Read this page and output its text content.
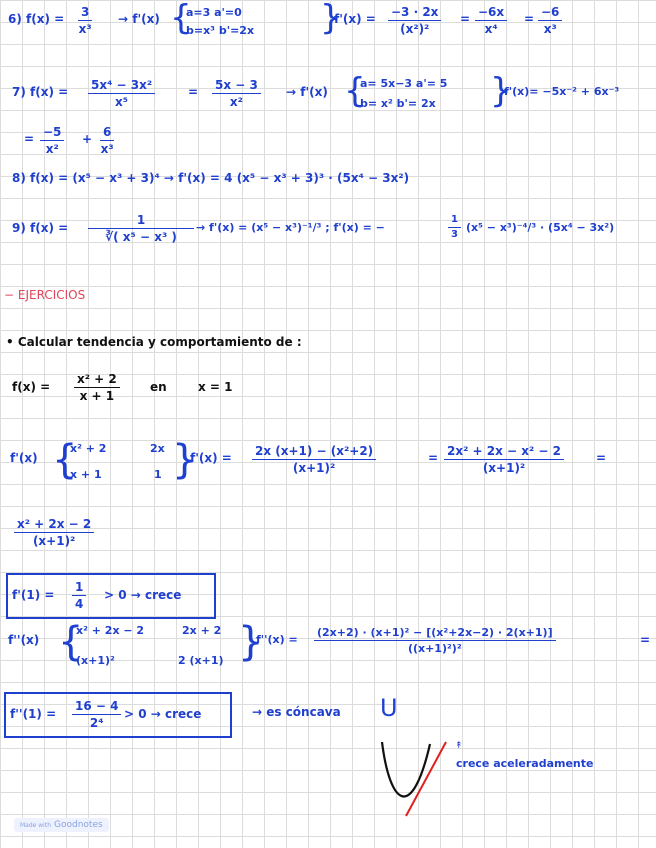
6) $f(x) = \frac{3}{\text{x³}} \to f'(x)$ {
a=3 a'=0
b=x³ b'=2x }
$f'(x) = \frac{-3 \cdot 2x}{\text{(x²)²}} = \frac{-6x}{\text{x⁴}} = \frac{-6}{\text{x³}}$
7) $f(x) = \frac{\text{5x⁴ − 3x²}}{\text{x⁵}}$	= $\frac{5x - 3}{\text{x²}} \to f'(x)$ {
a= 5x−3 a'= 5
b= x² b'= 2x }
f'(x)= −5x⁻² + 6x⁻³
= $\frac{-5}{\text{x²}} + \frac{6}{\text{x³}}$
8) f(x) = (x⁵ − x³ + 3)⁴ → f'(x) = 4 (x⁵ − x³ + 3)³ · (5x⁴ − 3x²)
9) $f(x) = \frac{1}{\text{∛( x⁵ − x³ )}} \to f'(x) = (x^5 - x^3)^{-1}/^3$ ; f'(x) = −	$\frac{1}{3} (x^5 - x^3)^{-4}/^3 \cdot (5x^4 - 3x^2)$
− EJERCICIOS
• Calcular tendencia y comportamiento de :
$f(x) = \frac{\text{x² + 2}}{x + 1}$	en	x = 1
f'(x) {
x² + 2	2x
x + 1	1 }
$f'(x) = \frac{\text{2x (x+1) − (x²+2)}}{\text{(x+1)²}}$	= $\frac{\text{2x² + 2x − x² − 2}}{\text{(x+1)²}}$	=
$\frac{\text{x² + 2x − 2}}{\text{(x+1)²}}$
$f'(1) = \frac{1}{4} > 0$ → crece
f''(x) {
x² + 2x − 2	2x + 2
(x+1)²	2 (x+1) }
$f''(x) = \frac{\text{(2x+2) · (x+1)² − [(x²+2x−2) · 2(x+1)]}}{\text{((x+1)²)²}}$	=
$f''(1) = \frac{16 - 4}{\text{2⁴}} > 0$ → crece	→ es cóncava U
↟
crece aceleradamente
Made with Goodnotes
